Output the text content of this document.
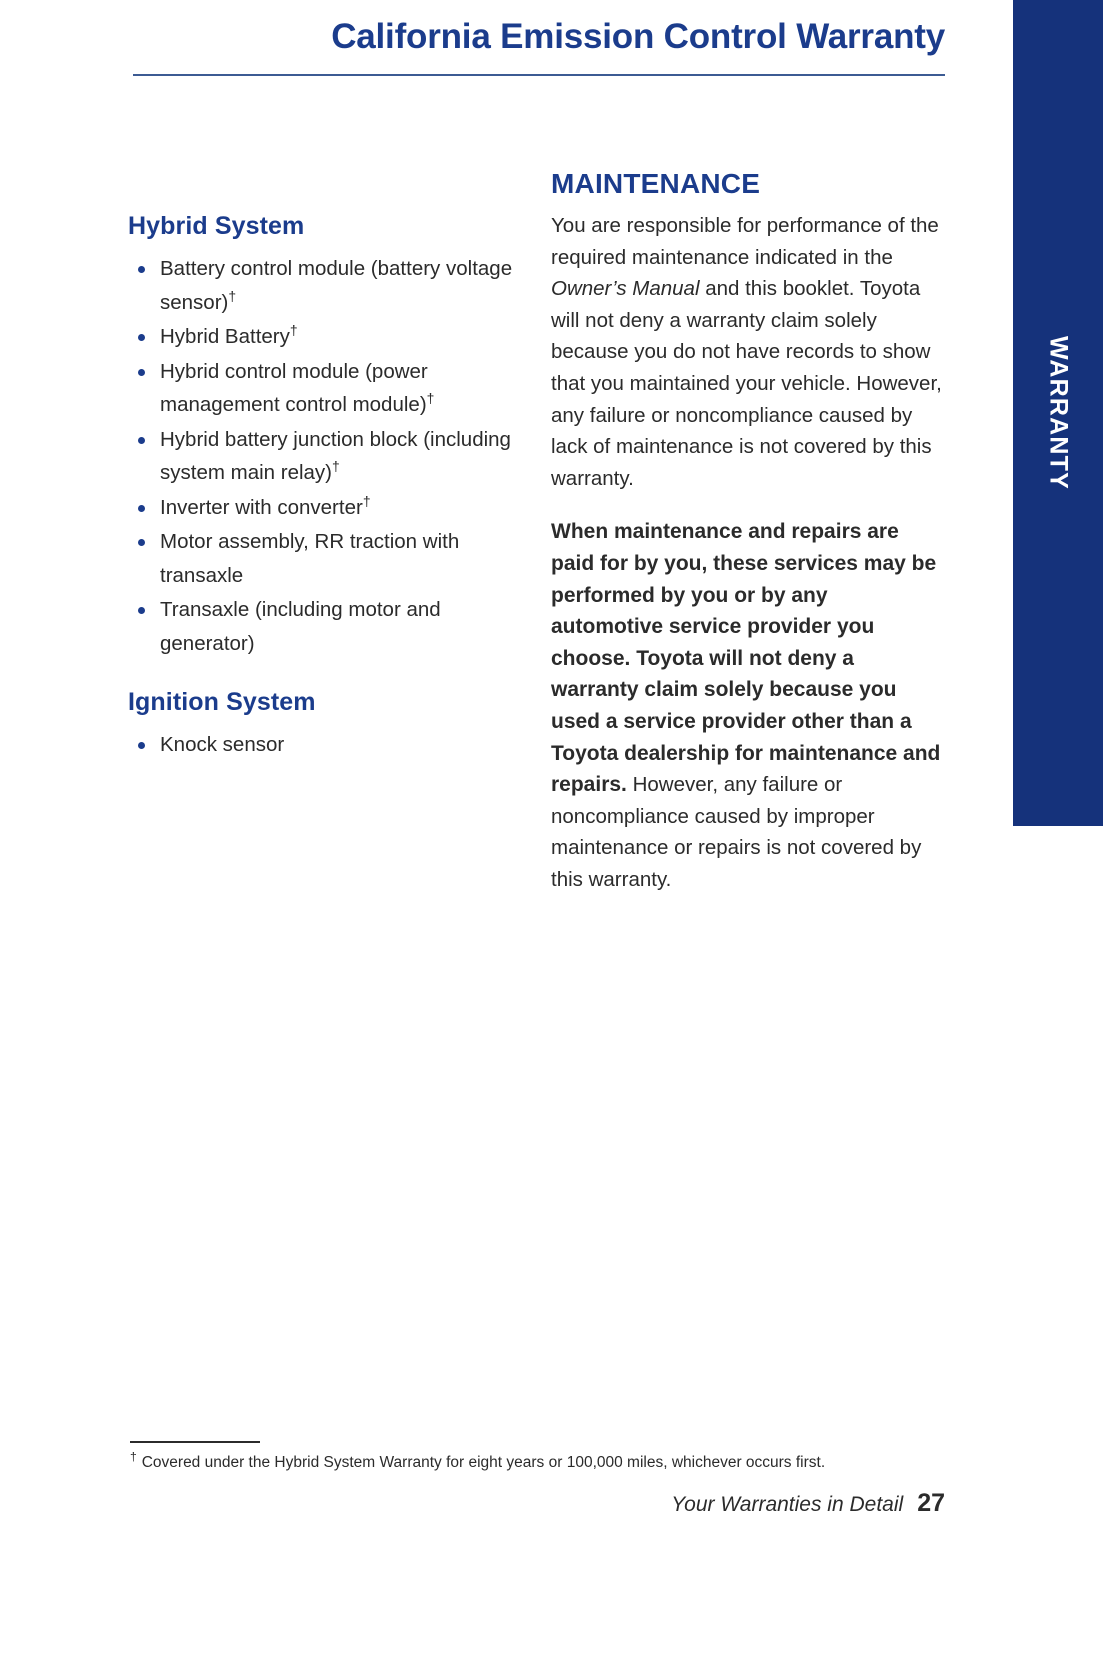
WARRANTY
California Emission Control Warranty
Hybrid System
Battery control module (battery voltage sensor)†
Hybrid Battery†
Hybrid control module (power management control module)†
Hybrid battery junction block (including system main relay)†
Inverter with converter†
Motor assembly, RR traction with transaxle
Transaxle (including motor and generator)
Ignition System
Knock sensor
MAINTENANCE

You are responsible for performance of the required maintenance indicated in the Owner’s Manual and this booklet. Toyota will not deny a warranty claim solely because you do not have records to show that you maintained your vehicle. However, any failure or noncompliance caused by lack of maintenance is not covered by this warranty.

When maintenance and repairs are paid for by you, these services may be performed by you or by any automotive service provider you choose. Toyota will not deny a warranty claim solely because you used a service provider other than a Toyota dealership for maintenance and repairs. However, any failure or noncompliance caused by improper maintenance or repairs is not covered by this warranty.

† Covered under the Hybrid System Warranty for eight years or 100,000 miles, whichever occurs first.
Your Warranties in Detail 27
